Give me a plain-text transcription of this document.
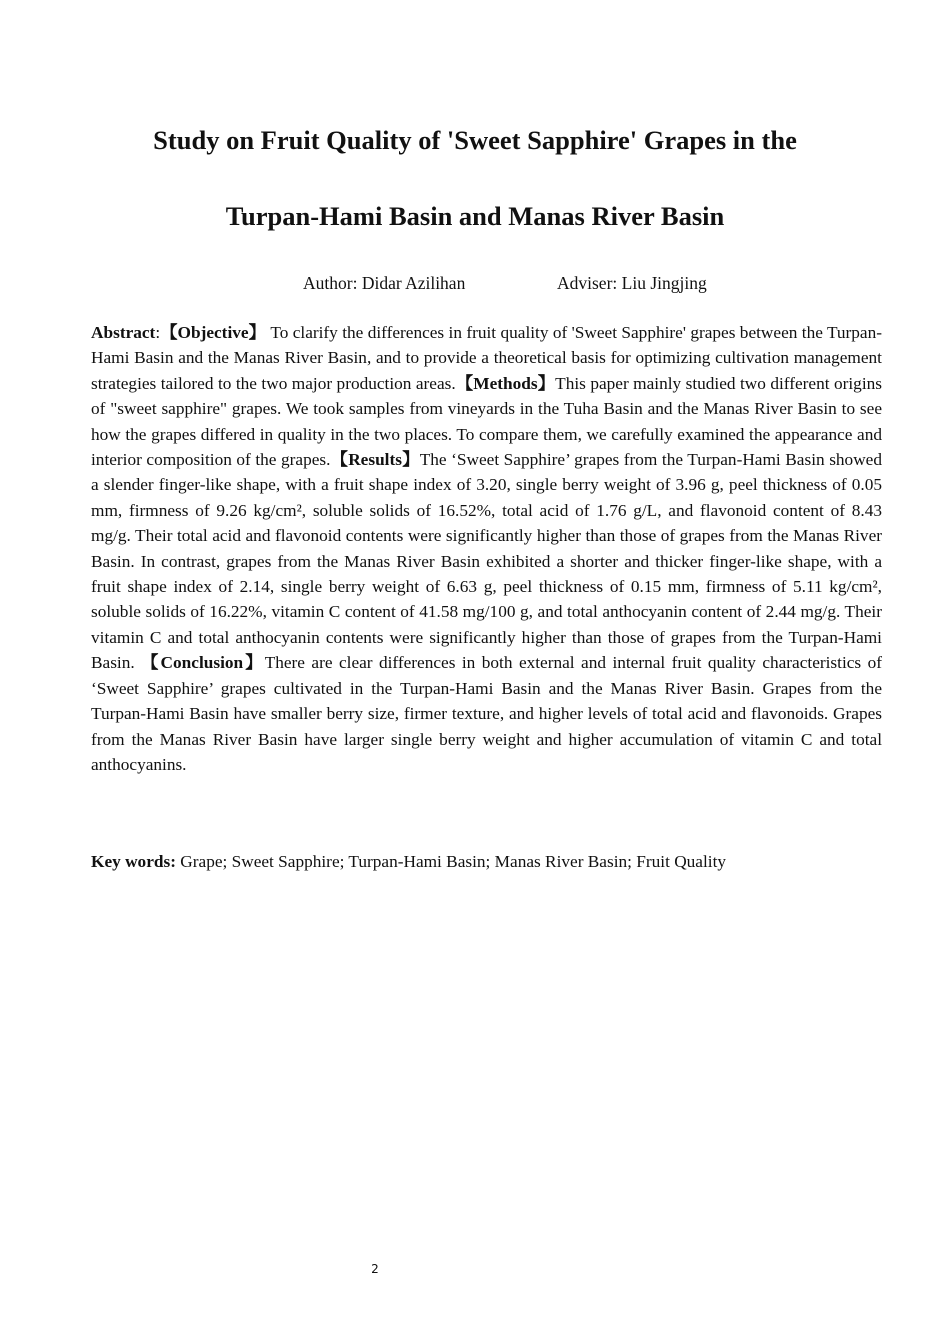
Study on Fruit Quality of 'Sweet Sapphire' Grapes in the
Turpan-Hami Basin and Manas River Basin
Author: Didar Azilihan	Adviser: Liu Jingjing

Abstract:【Objective】 To clarify the differences in fruit quality of 'Sweet Sapphire' grapes between the Turpan-Hami Basin and the Manas River Basin, and to provide a theoretical basis for optimizing cultivation management strategies tailored to the two major production areas.【Methods】This paper mainly studied two different origins of "sweet sapphire" grapes. We took samples from vineyards in the Tuha Basin and the Manas River Basin to see how the grapes differed in quality in the two places. To compare them, we carefully examined the appearance and interior composition of the grapes.【Results】The ‘Sweet Sapphire’ grapes from the Turpan-Hami Basin showed a slender finger-like shape, with a fruit shape index of 3.20, single berry weight of 3.96 g, peel thickness of 0.05 mm, firmness of 9.26 kg/cm², soluble solids of 16.52%, total acid of 1.76 g/L, and flavonoid content of 8.43 mg/g. Their total acid and flavonoid contents were significantly higher than those of grapes from the Manas River Basin. In contrast, grapes from the Manas River Basin exhibited a shorter and thicker finger-like shape, with a fruit shape index of 2.14, single berry weight of 6.63 g, peel thickness of 0.15 mm, firmness of 5.11 kg/cm², soluble solids of 16.22%, vitamin C content of 41.58 mg/100 g, and total anthocyanin content of 2.44 mg/g. Their vitamin C and total anthocyanin contents were significantly higher than those of grapes from the Turpan-Hami Basin. 【Conclusion】There are clear differences in both external and internal fruit quality characteristics of ‘Sweet Sapphire’ grapes cultivated in the Turpan-Hami Basin and the Manas River Basin. Grapes from the Turpan-Hami Basin have smaller berry size, firmer texture, and higher levels of total acid and flavonoids. Grapes from the Manas River Basin have larger single berry weight and higher accumulation of vitamin C and total anthocyanins.

Key words: Grape; Sweet Sapphire; Turpan-Hami Basin; Manas River Basin; Fruit Quality

2
